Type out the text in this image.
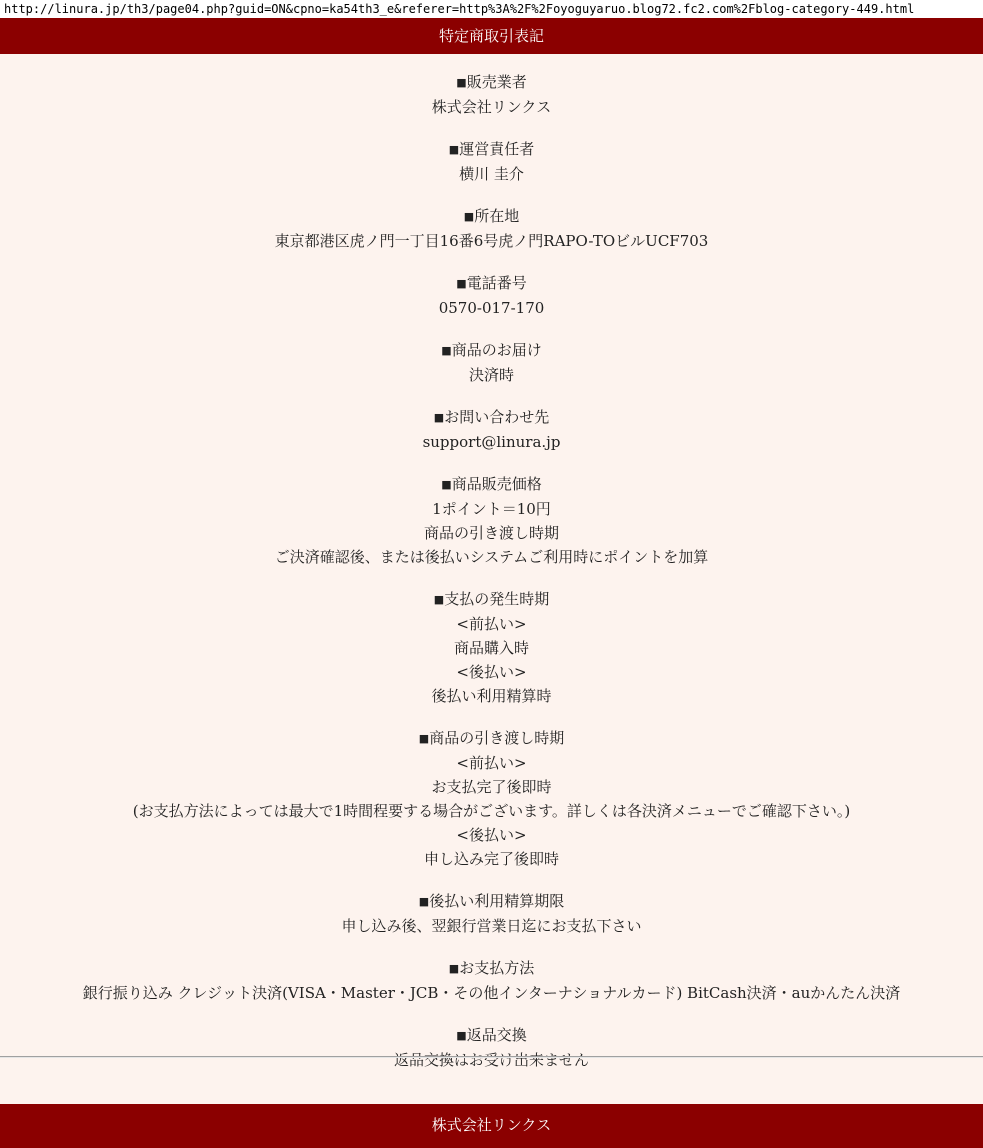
http://linura.jp/th3/page04.php?guid=ON&cpno=ka54th3_e&referer=http%3A%2F%2Foyoguyaruo.blog72.fc2.com%2Fblog-category-449.html
特定商取引表記
■販売業者
株式会社リンクス
■運営責任者
横川 圭介
■所在地
東京都港区虎ノ門一丁目16番6号虎ノ門RAPO-TOビルUCF703
■電話番号
0570-017-170
■商品のお届け
決済時
■お問い合わせ先
support@linura.jp
■商品販売価格
1ポイント＝10円
商品の引き渡し時期
ご決済確認後、または後払いシステムご利用時にポイントを加算
■支払の発生時期
<前払い>
商品購入時
<後払い>
後払い利用精算時
■商品の引き渡し時期
<前払い>
お支払完了後即時
(お支払方法によっては最大で1時間程要する場合がございます。詳しくは各決済メニューでご確認下さい。)
<後払い>
申し込み完了後即時
■後払い利用精算期限
申し込み後、翌銀行営業日迄にお支払下さい
■お支払方法
銀行振り込み クレジット決済(VISA・Master・JCB・その他インターナショナルカード) BitCash決済・auかんたん決済
■返品交換
返品交換はお受け出来ません
株式会社リンクス
